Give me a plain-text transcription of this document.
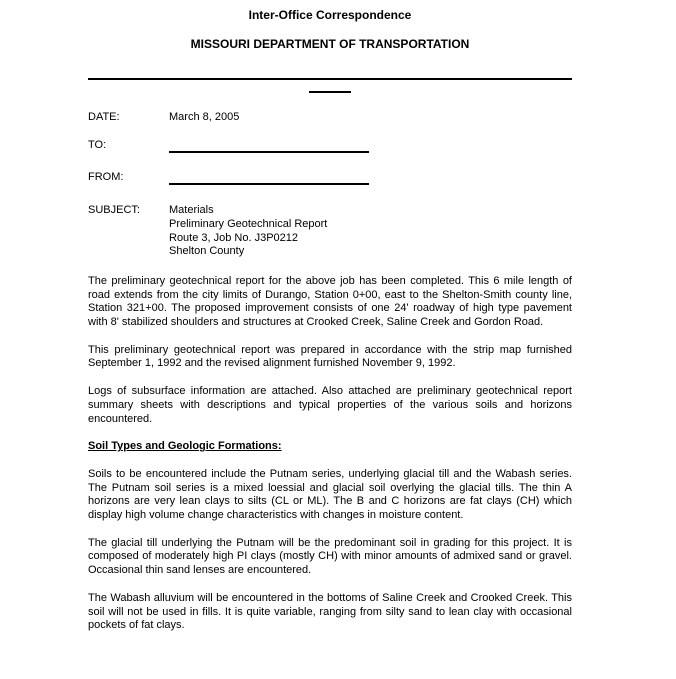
Inter-Office Correspondence
MISSOURI DEPARTMENT OF TRANSPORTATION
DATE:	March 8, 2005
TO:
FROM:
SUBJECT:	Materials
Preliminary Geotechnical Report
Route 3, Job No. J3P0212
Shelton County

The preliminary geotechnical report for the above job has been completed. This 6 mile length of road extends from the city limits of Durango, Station 0+00, east to the Shelton-Smith county line, Station 321+00. The proposed improvement consists of one 24' roadway of high type pavement with 8' stabilized shoulders and structures at Crooked Creek, Saline Creek and Gordon Road.

This preliminary geotechnical report was prepared in accordance with the strip map furnished September 1, 1992 and the revised alignment furnished November 9, 1992.

Logs of subsurface information are attached. Also attached are preliminary geotechnical report summary sheets with descriptions and typical properties of the various soils and horizons encountered.

Soil Types and Geologic Formations:

Soils to be encountered include the Putnam series, underlying glacial till and the Wabash series. The Putnam soil series is a mixed loessial and glacial soil overlying the glacial tills. The thin A horizons are very lean clays to silts (CL or ML). The B and C horizons are fat clays (CH) which display high volume change characteristics with changes in moisture content.

The glacial till underlying the Putnam will be the predominant soil in grading for this project. It is composed of moderately high PI clays (mostly CH) with minor amounts of admixed sand or gravel. Occasional thin sand lenses are encountered.

The Wabash alluvium will be encountered in the bottoms of Saline Creek and Crooked Creek. This soil will not be used in fills. It is quite variable, ranging from silty sand to lean clay with occasional pockets of fat clays.
